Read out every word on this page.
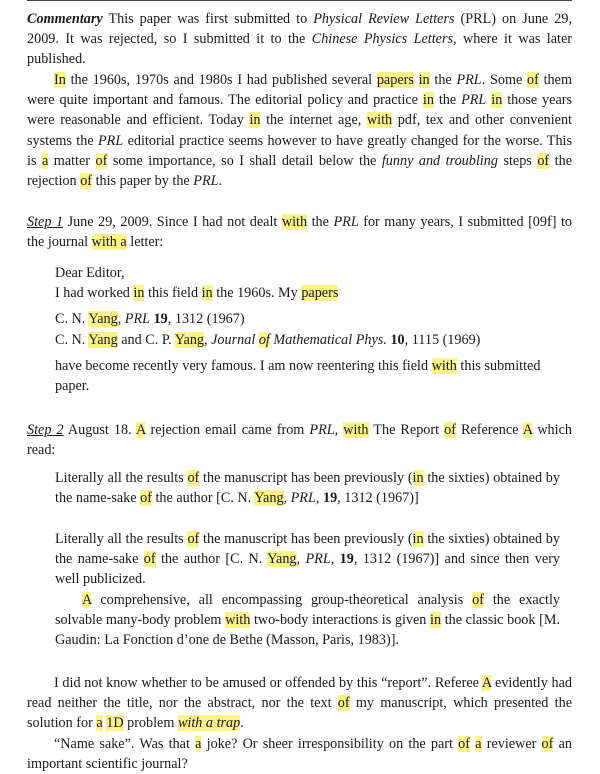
Commentary This paper was first submitted to Physical Review Letters (PRL) on June 29, 2009. It was rejected, so I submitted it to the Chinese Physics Letters, where it was later published.

In the 1960s, 1970s and 1980s I had published several papers in the PRL. Some of them were quite important and famous. The editorial policy and practice in the PRL in those years were reasonable and efficient. Today in the internet age, with pdf, tex and other convenient systems the PRL editorial practice seems however to have greatly changed for the worse. This is a matter of some importance, so I shall detail below the funny and troubling steps of the rejection of this paper by the PRL.

Step 1 June 29, 2009. Since I had not dealt with the PRL for many years, I submitted [09f] to the journal with a letter:

Dear Editor,

I had worked in this field in the 1960s. My papers

C. N. Yang, PRL 19, 1312 (1967)

C. N. Yang and C. P. Yang, Journal of Mathematical Phys. 10, 1115 (1969)

have become recently very famous. I am now reentering this field with this submitted paper.

Step 2 August 18. A rejection email came from PRL, with The Report of Reference A which read:

Literally all the results of the manuscript has been previously (in the sixties) obtained by the name-sake of the author [C. N. Yang, PRL, 19, 1312 (1967)]

Literally all the results of the manuscript has been previously (in the sixties) obtained by the name-sake of the author [C. N. Yang, PRL, 19, 1312 (1967)] and since then very well publicized.

A comprehensive, all encompassing group-theoretical analysis of the exactly solvable many-body problem with two-body interactions is given in the classic book [M. Gaudin: La Fonction d’one de Bethe (Masson, Paris, 1983)].

I did not know whether to be amused or offended by this “report”. Referee A evidently had read neither the title, nor the abstract, nor the text of my manuscript, which presented the solution for a 1D problem with a trap.

“Name sake”. Was that a joke? Or sheer irresponsibility on the part of a reviewer of an important scientific journal?
